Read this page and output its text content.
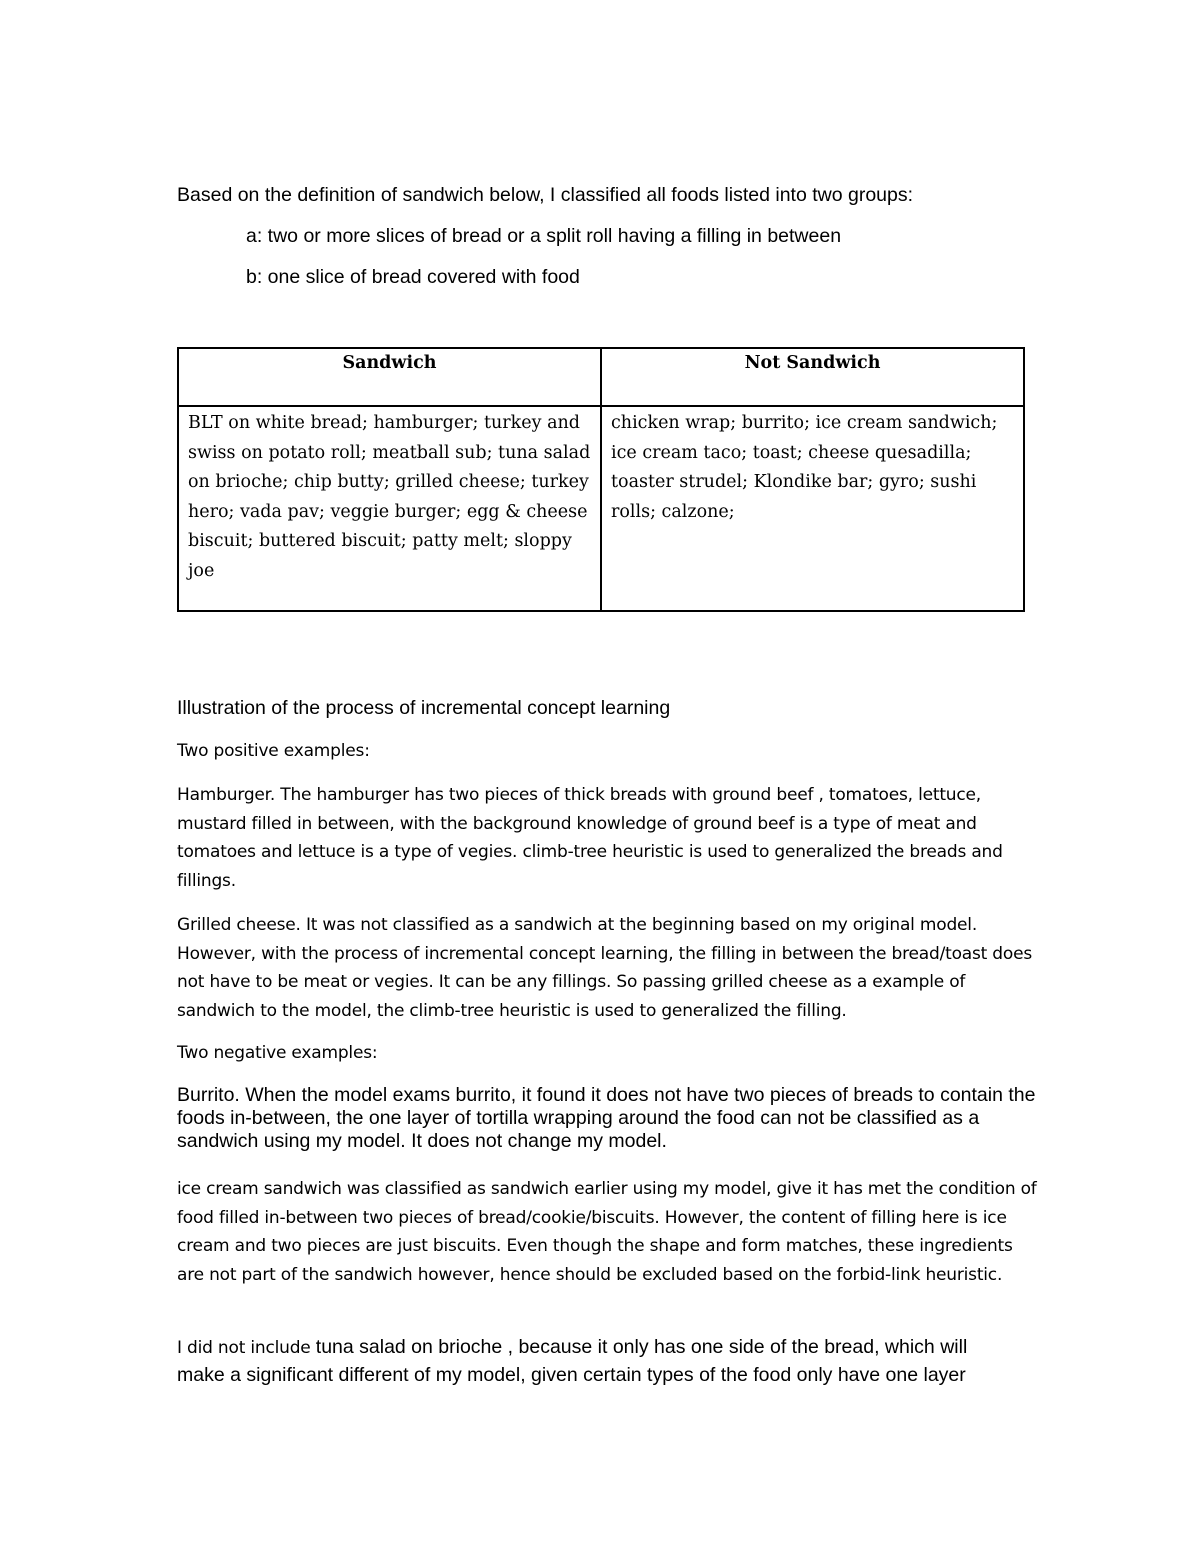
Based on the definition of sandwich below, I classified all foods listed into two groups:

a: two or more slices of bread or a split roll having a filling in between

b: one slice of bread covered with food

Sandwich	Not Sandwich
BLT on white bread; hamburger; turkey and swiss on potato roll; meatball sub; tuna salad on brioche; chip butty; grilled cheese; turkey hero; vada pav; veggie burger; egg & cheese biscuit; buttered biscuit; patty melt; sloppy joe	chicken wrap; burrito; ice cream sandwich; ice cream taco; toast; cheese quesadilla; toaster strudel; Klondike bar; gyro; sushi rolls; calzone;

Illustration of the process of incremental concept learning

Two positive examples:

Hamburger. The hamburger has two pieces of thick breads with ground beef , tomatoes, lettuce, mustard filled in between, with the background knowledge of ground beef is a type of meat and tomatoes and lettuce is a type of vegies. climb-tree heuristic is used to generalized the breads and fillings.

Grilled cheese. It was not classified as a sandwich at the beginning based on my original model. However, with the process of incremental concept learning, the filling in between the bread/toast does not have to be meat or vegies. It can be any fillings. So passing grilled cheese as a example of sandwich to the model, the climb-tree heuristic is used to generalized the filling.

Two negative examples:

Burrito. When the model exams burrito, it found it does not have two pieces of breads to contain the foods in-between, the one layer of tortilla wrapping around the food can not be classified as a sandwich using my model. It does not change my model.

ice cream sandwich was classified as sandwich earlier using my model, give it has met the condition of food filled in-between two pieces of bread/cookie/biscuits. However, the content of filling here is ice cream and two pieces are just biscuits. Even though the shape and form matches, these ingredients are not part of the sandwich however, hence should be excluded based on the forbid-link heuristic.

I did not include tuna salad on brioche , because it only has one side of the bread, which will
make a significant different of my model, given certain types of the food only have one layer
